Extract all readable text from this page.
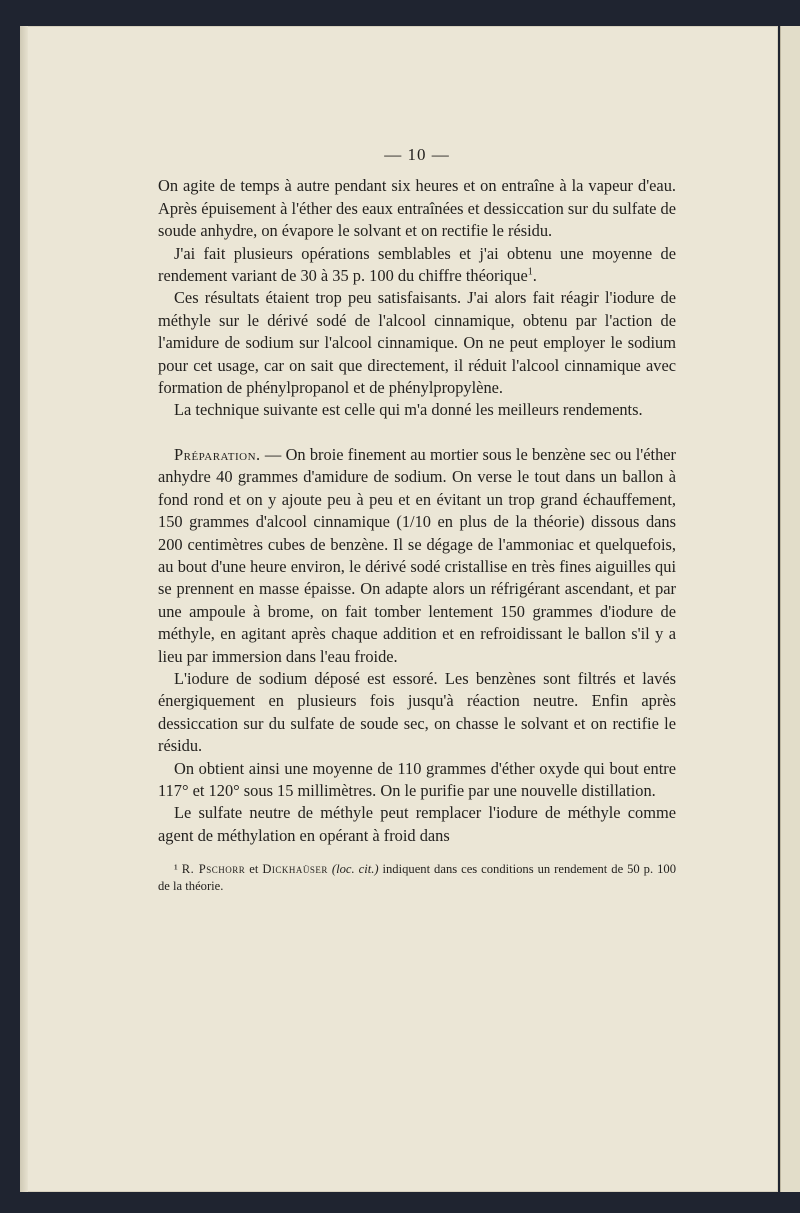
— 10 —

On agite de temps à autre pendant six heures et on entraîne à la vapeur d'eau. Après épuisement à l'éther des eaux entraînées et dessiccation sur du sulfate de soude anhydre, on évapore le solvant et on rectifie le résidu.

J'ai fait plusieurs opérations semblables et j'ai obtenu une moyenne de rendement variant de 30 à 35 p. 100 du chiffre théorique$^1$.

Ces résultats étaient trop peu satisfaisants. J'ai alors fait réagir l'iodure de méthyle sur le dérivé sodé de l'alcool cinnamique, obtenu par l'action de l'amidure de sodium sur l'alcool cinnamique. On ne peut employer le sodium pour cet usage, car on sait que directement, il réduit l'alcool cinnamique avec formation de phénylpropanol et de phénylpropylène.

La technique suivante est celle qui m'a donné les meilleurs rendements.

Préparation. — On broie finement au mortier sous le benzène sec ou l'éther anhydre 40 grammes d'amidure de sodium. On verse le tout dans un ballon à fond rond et on y ajoute peu à peu et en évitant un trop grand échauffement, 150 grammes d'alcool cinnamique (1/10 en plus de la théorie) dissous dans 200 centimètres cubes de benzène. Il se dégage de l'ammoniac et quelquefois, au bout d'une heure environ, le dérivé sodé cristallise en très fines aiguilles qui se prennent en masse épaisse. On adapte alors un réfrigérant ascendant, et par une ampoule à brome, on fait tomber lentement 150 grammes d'iodure de méthyle, en agitant après chaque addition et en refroidissant le ballon s'il y a lieu par immersion dans l'eau froide.

L'iodure de sodium déposé est essoré. Les benzènes sont filtrés et lavés énergiquement en plusieurs fois jusqu'à réaction neutre. Enfin après dessiccation sur du sulfate de soude sec, on chasse le solvant et on rectifie le résidu.

On obtient ainsi une moyenne de 110 grammes d'éther oxyde qui bout entre 117° et 120° sous 15 millimètres. On le purifie par une nouvelle distillation.

Le sulfate neutre de méthyle peut remplacer l'iodure de méthyle comme agent de méthylation en opérant à froid dans

¹ R. Pschorr et Dickhaüser (loc. cit.) indiquent dans ces conditions un rendement de 50 p. 100 de la théorie.
